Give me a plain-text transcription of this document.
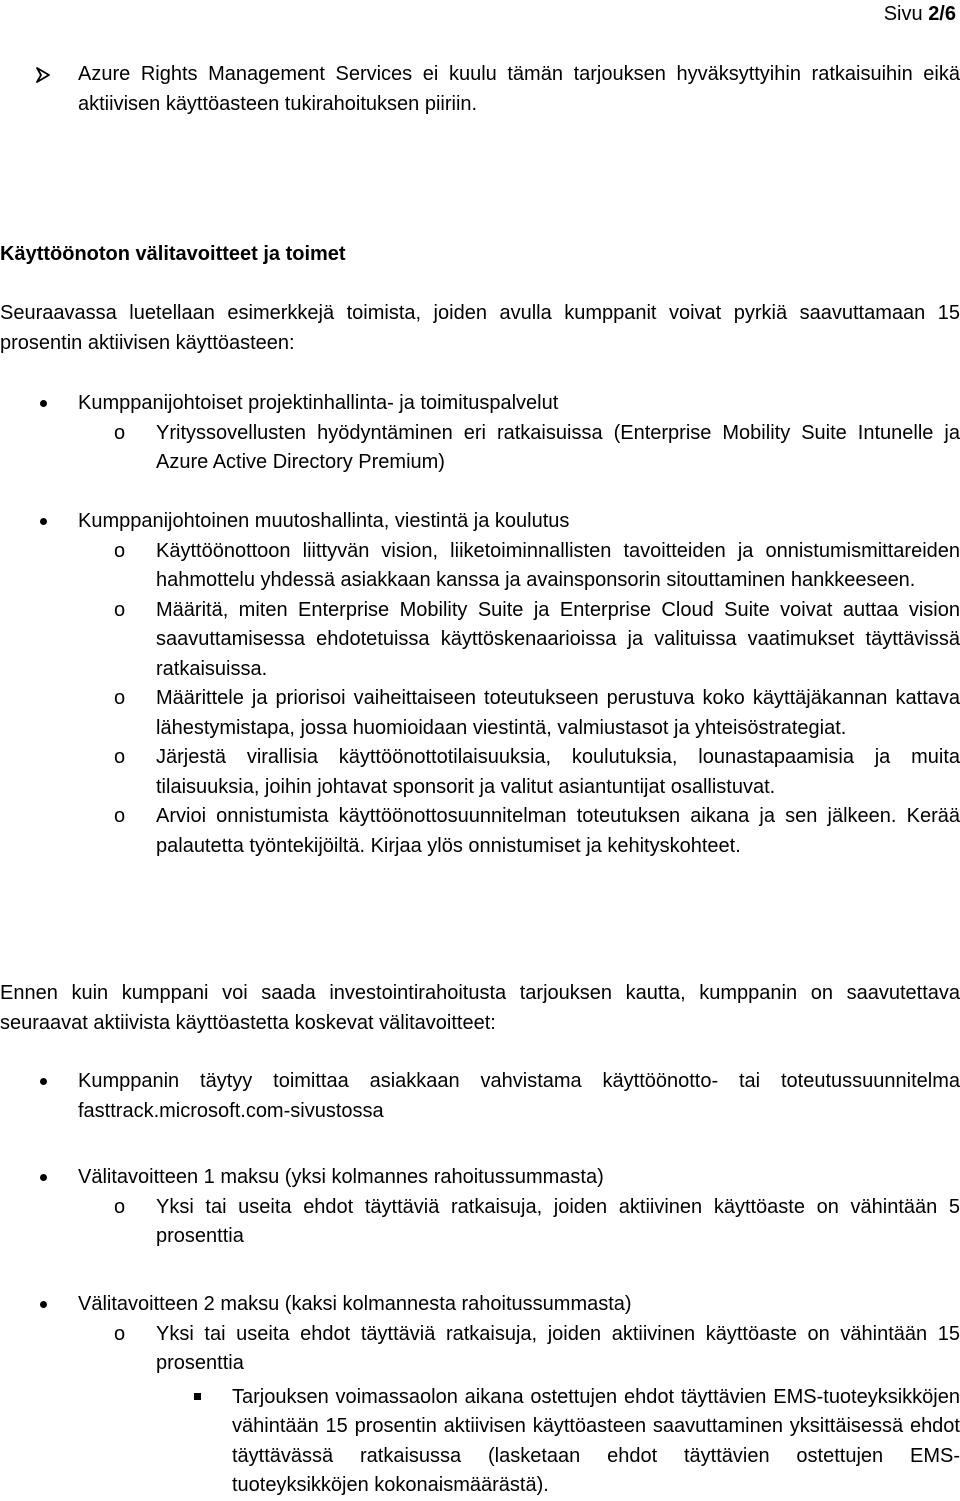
Sivu 2/6
Azure Rights Management Services ei kuulu tämän tarjouksen hyväksyttyihin ratkaisuihin eikä aktiivisen käyttöasteen tukirahoituksen piiriin.
Käyttöönoton välitavoitteet ja toimet
Seuraavassa luetellaan esimerkkejä toimista, joiden avulla kumppanit voivat pyrkiä saavuttamaan 15 prosentin aktiivisen käyttöasteen:
Kumppanijohtoiset projektinhallinta- ja toimituspalvelut
o Yrityssovellusten hyödyntäminen eri ratkaisuissa (Enterprise Mobility Suite Intunelle ja Azure Active Directory Premium)
Kumppanijohtoinen muutoshallinta, viestintä ja koulutus
o Käyttöönottoon liittyvän vision, liiketoiminnallisten tavoitteiden ja onnistumismittareiden hahmottelu yhdessä asiakkaan kanssa ja avainsponsorin sitouttaminen hankkeeseen.
o Määritä, miten Enterprise Mobility Suite ja Enterprise Cloud Suite voivat auttaa vision saavuttamisessa ehdotetuissa käyttöskenaarioissa ja valituissa vaatimukset täyttävissä ratkaisuissa.
o Määrittele ja priorisoi vaiheittaiseen toteutukseen perustuva koko käyttäjäkannan kattava lähestymistapa, jossa huomioidaan viestintä, valmiustasot ja yhteisöstrategiat.
o Järjestä virallisia käyttöönottotilaisuuksia, koulutuksia, lounastapaamisia ja muita tilaisuuksia, joihin johtavat sponsorit ja valitut asiantuntijat osallistuvat.
o Arvioi onnistumista käyttöönottosuunnitelman toteutuksen aikana ja sen jälkeen. Kerää palautetta työntekijöiltä. Kirjaa ylös onnistumiset ja kehityskohteet.
Ennen kuin kumppani voi saada investointirahoitusta tarjouksen kautta, kumppanin on saavutettava seuraavat aktiivista käyttöastetta koskevat välitavoitteet:
Kumppanin täytyy toimittaa asiakkaan vahvistama käyttöönotto- tai toteutussuunnitelma fasttrack.microsoft.com-sivustossa
Välitavoitteen 1 maksu (yksi kolmannes rahoitussummasta)
o Yksi tai useita ehdot täyttäviä ratkaisuja, joiden aktiivinen käyttöaste on vähintään 5 prosenttia
Välitavoitteen 2 maksu (kaksi kolmannesta rahoitussummasta)
o Yksi tai useita ehdot täyttäviä ratkaisuja, joiden aktiivinen käyttöaste on vähintään 15 prosenttia
Tarjouksen voimassaolon aikana ostettujen ehdot täyttävien EMS-tuoteyksikköjen vähintään 15 prosentin aktiivisen käyttöasteen saavuttaminen yksittäisessä ehdot täyttävässä ratkaisussa (lasketaan ehdot täyttävien ostettujen EMS-tuoteyksikköjen kokonaismäärästä).
